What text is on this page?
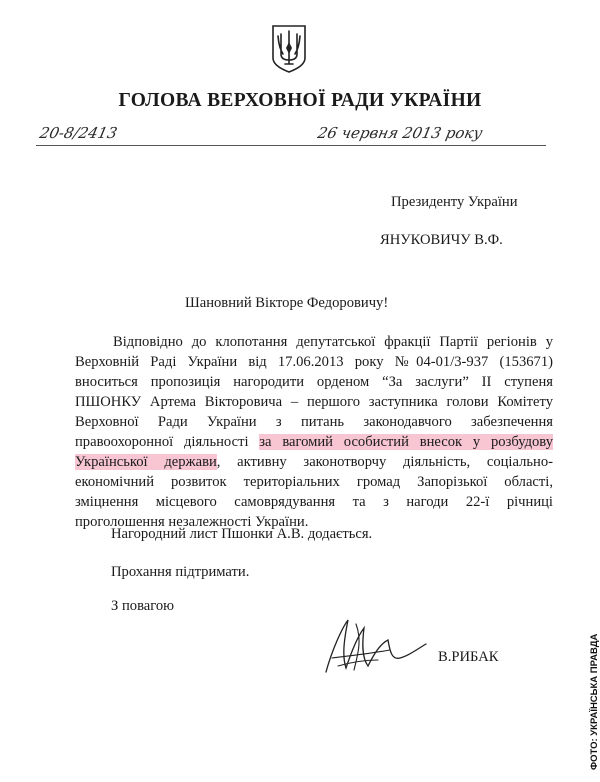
ГОЛОВА ВЕРХОВНОЇ РАДИ УКРАЇНИ
20-8/2413	26 червня 2013 року
Президенту України
ЯНУКОВИЧУ В.Ф.
Шановний Вікторе Федоровичу!
Відповідно до клопотання депутатської фракції Партії регіонів у
Верховній Раді України від 17.06.2013 року №04-01/3-937 (153671)
вноситься пропозиція нагородити орденом “За заслуги” ІІ ступеня
ПШОНКУ Артема Вікторовича – першого заступника голови Комітету
Верховної Ради України з питань законодавчого забезпечення
правоохоронної діяльності за вагомий особистий внесок у розбудову
Української держави, активну законотворчу діяльність, соціально-
економічний розвиток територіальних громад Запорізької області,
зміцнення місцевого самоврядування та з нагоди 22-ї річниці
проголошення незалежності України.
Нагородний лист Пшонки А.В. додається.
Прохання підтримати.
З повагою
В.РИБАК	ФОТО: УКРАЇНСЬКА ПРАВДА
